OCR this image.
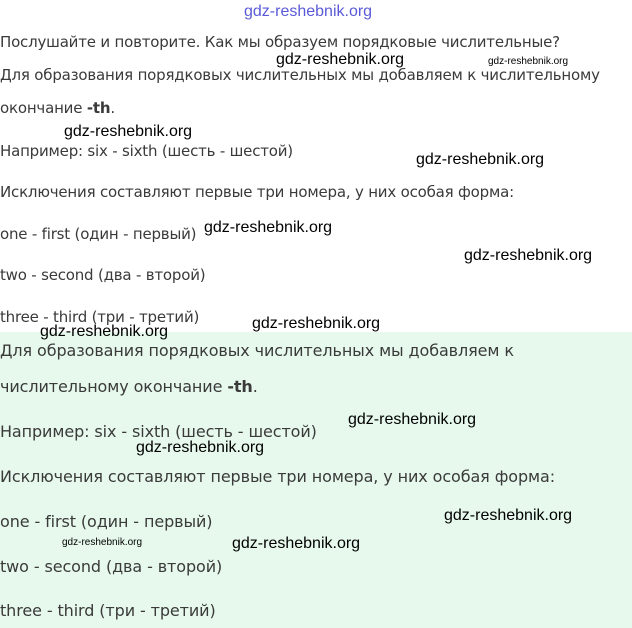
gdz-reshebnik.org
Послушайте и повторите. Как мы образуем порядковые числительные?
Для образования порядковых числительных мы добавляем к числительному
окончание -th.
Например: six - sixth (шесть - шестой)
Исключения составляют первые три номера, у них особая форма:
one - first (один - первый)
two - second (два - второй)
three - third (три - третий)
Для образования порядковых числительных мы добавляем к
числительному окончание -th.
Например: six - sixth (шесть - шестой)
Исключения составляют первые три номера, у них особая форма:
one - first (один - первый)
two - second (два - второй)
three - third (три - третий)
gdz-reshebnik.org	gdz-reshebnik.org
gdz-reshebnik.org
gdz-reshebnik.org
gdz-reshebnik.org
gdz-reshebnik.org
gdz-reshebnik.org
gdz-reshebnik.org
gdz-reshebnik.org
gdz-reshebnik.org
gdz-reshebnik.org
gdz-reshebnik.org	gdz-reshebnik.org
